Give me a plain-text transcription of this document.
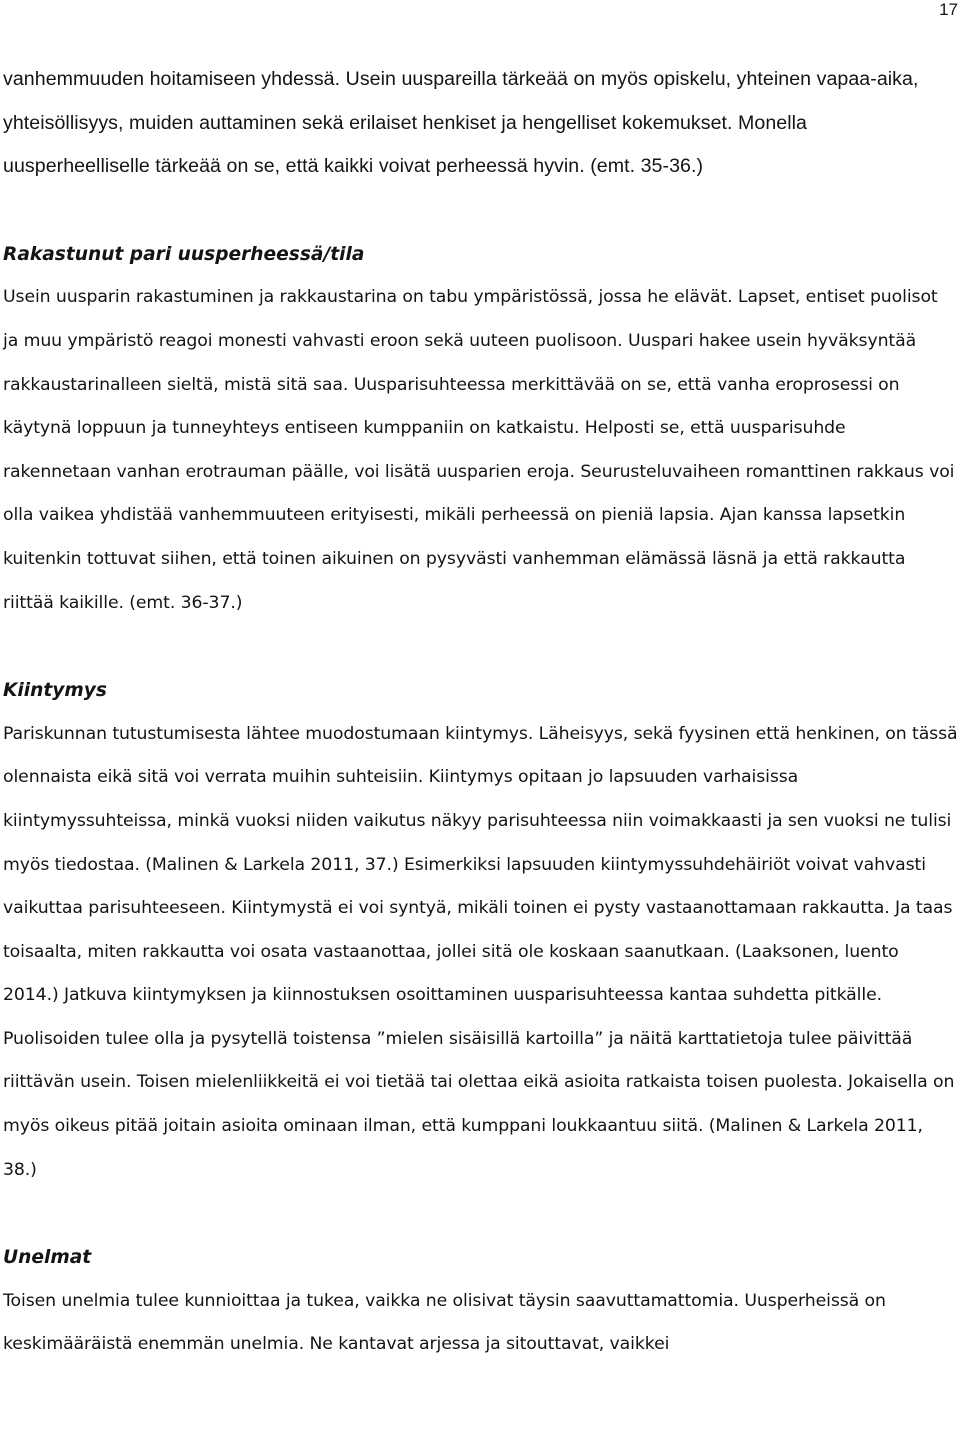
17

vanhemmuuden hoitamiseen yhdessä. Usein uuspareilla tärkeää on myös opiskelu, yhteinen vapaa-aika, yhteisöllisyys, muiden auttaminen sekä erilaiset henkiset ja hengelliset kokemukset. Monella uusperheelliselle tärkeää on se, että kaikki voivat perheessä hyvin. (emt. 35-36.)

Rakastunut pari uusperheessä/tila

Usein uusparin rakastuminen ja rakkaustarina on tabu ympäristössä, jossa he elävät. Lapset, entiset puolisot ja muu ympäristö reagoi monesti vahvasti eroon sekä uuteen puolisoon. Uuspari hakee usein hyväksyntää rakkaustarinalleen sieltä, mistä sitä saa. Uusparisuhteessa merkittävää on se, että vanha eroprosessi on käytynä loppuun ja tunneyhteys entiseen kumppaniin on katkaistu. Helposti se, että uusparisuhde rakennetaan vanhan erotrauman päälle, voi lisätä uusparien eroja. Seurusteluvaiheen romanttinen rakkaus voi olla vaikea yhdistää vanhemmuuteen erityisesti, mikäli perheessä on pieniä lapsia. Ajan kanssa lapsetkin kuitenkin tottuvat siihen, että toinen aikuinen on pysyvästi vanhemman elämässä läsnä ja että rakkautta riittää kaikille. (emt. 36-37.)

Kiintymys

Pariskunnan tutustumisesta lähtee muodostumaan kiintymys. Läheisyys, sekä fyysinen että henkinen, on tässä olennaista eikä sitä voi verrata muihin suhteisiin. Kiintymys opitaan jo lapsuuden varhaisissa kiintymyssuhteissa, minkä vuoksi niiden vaikutus näkyy parisuhteessa niin voimakkaasti ja sen vuoksi ne tulisi myös tiedostaa. (Malinen & Larkela 2011, 37.) Esimerkiksi lapsuuden kiintymyssuhdehäiriöt voivat vahvasti vaikuttaa parisuhteeseen. Kiintymystä ei voi syntyä, mikäli toinen ei pysty vastaanottamaan rakkautta. Ja taas toisaalta, miten rakkautta voi osata vastaanottaa, jollei sitä ole koskaan saanutkaan. (Laaksonen, luento 2014.) Jatkuva kiintymyksen ja kiinnostuksen osoittaminen uusparisuhteessa kantaa suhdetta pitkälle. Puolisoiden tulee olla ja pysytellä toistensa ”mielen sisäisillä kartoilla” ja näitä karttatietoja tulee päivittää riittävän usein. Toisen mielenliikkeitä ei voi tietää tai olettaa eikä asioita ratkaista toisen puolesta. Jokaisella on myös oikeus pitää joitain asioita ominaan ilman, että kumppani loukkaantuu siitä. (Malinen & Larkela 2011, 38.)

Unelmat

Toisen unelmia tulee kunnioittaa ja tukea, vaikka ne olisivat täysin saavuttamattomia. Uusperheissä on keskimääräistä enemmän unelmia. Ne kantavat arjessa ja sitouttavat, vaikkei
